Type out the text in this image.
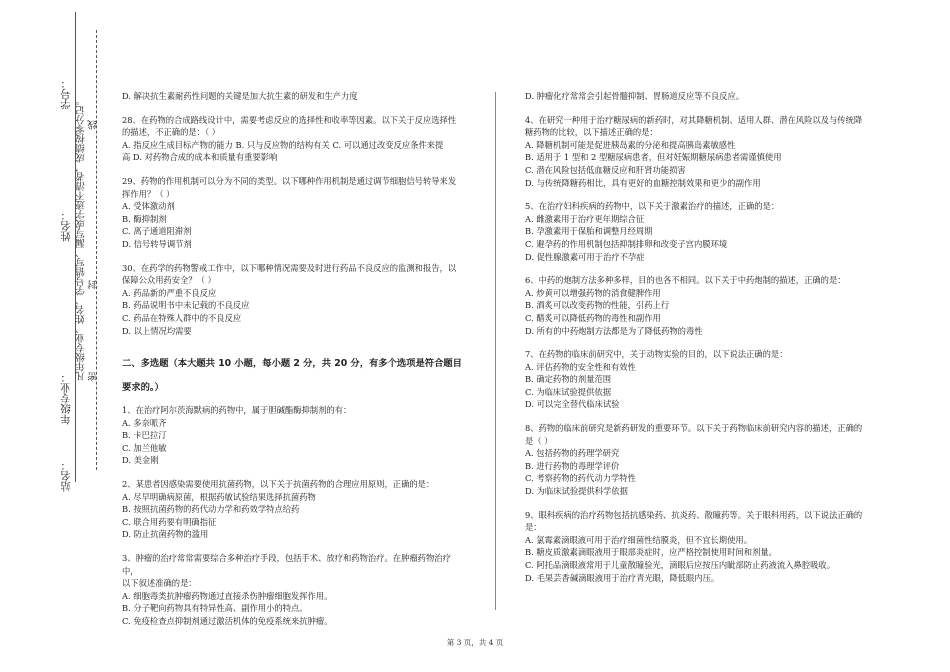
学号：
姓名：
年级专业：
站名：
凡年级专业、姓名、学号错写、漏写或字迹不清者，成绩按零分记。 线
封
密

D. 解决抗生素耐药性问题的关键是加大抗生素的研发和生产力度

28、在药物的合成路线设计中，需要考虑反应的选择性和收率等因素。以下关于反应选择性

的描述，不正确的是：（ ）

A. 指反应生成目标产物的能力 B. 只与反应物的结构有关 C. 可以通过改变反应条件来提

高 D. 对药物合成的成本和质量有重要影响

29、药物的作用机制可以分为不同的类型。以下哪种作用机制是通过调节细胞信号转导来发

挥作用？（ ）

A. 受体激动剂

B. 酶抑制剂

C. 离子通道阻滞剂

D. 信号转导调节剂

30、在药学的药物警戒工作中，以下哪种情况需要及时进行药品不良反应的监测和报告，以

保障公众用药安全？（ ）

A. 药品新的严重不良反应

B. 药品说明书中未记载的不良反应

C. 药品在特殊人群中的不良反应

D. 以上情况均需要

二、多选题（本大题共 10 小题，每小题 2 分，共 20 分，有多个选项是符合题目

要求的。）

1、在治疗阿尔茨海默病的药物中，属于胆碱酯酶抑制剂的有：

A. 多奈哌齐

B. 卡巴拉汀

C. 加兰他敏

D. 美金刚

2、某患者因感染需要使用抗菌药物，以下关于抗菌药物的合理应用原则，正确的是：

A. 尽早明确病原菌，根据药敏试验结果选择抗菌药物

B. 按照抗菌药物的药代动力学和药效学特点给药

C. 联合用药要有明确指征

D. 防止抗菌药物的滥用

3、肿瘤的治疗常常需要综合多种治疗手段，包括手术、放疗和药物治疗。在肿瘤药物治疗中，

以下叙述准确的是：

A. 细胞毒类抗肿瘤药物通过直接杀伤肿瘤细胞发挥作用。

B. 分子靶向药物具有特异性高、副作用小的特点。

C. 免疫检查点抑制剂通过激活机体的免疫系统来抗肿瘤。

D. 肿瘤化疗常常会引起骨髓抑制、胃肠道反应等不良反应。

4、在研究一种用于治疗糖尿病的新药时，对其降糖机制、适用人群、潜在风险以及与传统降

糖药物的比较，以下描述正确的是：

A. 降糖机制可能是促进胰岛素的分泌和提高胰岛素敏感性

B. 适用于 1 型和 2 型糖尿病患者，但对妊娠期糖尿病患者需谨慎使用

C. 潜在风险包括低血糖反应和肝肾功能损害

D. 与传统降糖药相比，具有更好的血糖控制效果和更少的副作用

5、在治疗妇科疾病的药物中，以下关于激素治疗的描述，正确的是：

A. 雌激素用于治疗更年期综合征

B. 孕激素用于保胎和调整月经周期

C. 避孕药的作用机制包括抑制排卵和改变子宫内膜环境

D. 促性腺激素可用于治疗不孕症

6、中药的炮制方法多种多样，目的也各不相同。以下关于中药炮制的描述，正确的是：

A. 炒黄可以增强药物的消食健脾作用

B. 酒炙可以改变药物的性能，引药上行

C. 醋炙可以降低药物的毒性和副作用

D. 所有的中药炮制方法都是为了降低药物的毒性

7、在药物的临床前研究中，关于动物实验的目的，以下说法正确的是：

A. 评估药物的安全性和有效性

B. 确定药物的剂量范围

C. 为临床试验提供依据

D. 可以完全替代临床试验

8、药物的临床前研究是新药研发的重要环节。以下关于药物临床前研究内容的描述，正确的

是（ ）

A. 包括药物的药理学研究

B. 进行药物的毒理学评价

C. 考察药物的药代动力学特性

D. 为临床试验提供科学依据

9、眼科疾病的治疗药物包括抗感染药、抗炎药、散瞳药等。关于眼科用药，以下说法正确的是：

A. 氯霉素滴眼液可用于治疗细菌性结膜炎，但不宜长期使用。

B. 糖皮质激素滴眼液用于眼部炎症时，应严格控制使用时间和剂量。

C. 阿托品滴眼液常用于儿童散瞳验光，滴眼后应按压内眦部防止药液流入鼻腔吸收。

D. 毛果芸香碱滴眼液用于治疗青光眼，降低眼内压。

第 3 页，共 4 页
